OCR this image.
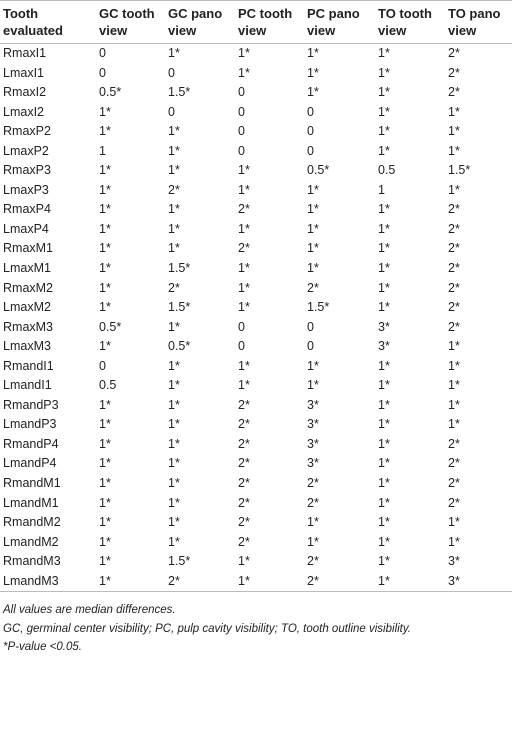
Tooth evaluated	GC tooth view	GC pano view	PC tooth view	PC pano view	TO tooth view	TO pano view
RmaxI1	0	1*	1*	1*	1*	2*
LmaxI1	0	0	1*	1*	1*	2*
RmaxI2	0.5*	1.5*	0	1*	1*	2*
LmaxI2	1*	0	0	0	1*	1*
RmaxP2	1*	1*	0	0	1*	1*
LmaxP2	1	1*	0	0	1*	1*
RmaxP3	1*	1*	1*	0.5*	0.5	1.5*
LmaxP3	1*	2*	1*	1*	1	1*
RmaxP4	1*	1*	2*	1*	1*	2*
LmaxP4	1*	1*	1*	1*	1*	2*
RmaxM1	1*	1*	2*	1*	1*	2*
LmaxM1	1*	1.5*	1*	1*	1*	2*
RmaxM2	1*	2*	1*	2*	1*	2*
LmaxM2	1*	1.5*	1*	1.5*	1*	2*
RmaxM3	0.5*	1*	0	0	3*	2*
LmaxM3	1*	0.5*	0	0	3*	1*
RmandI1	0	1*	1*	1*	1*	1*
LmandI1	0.5	1*	1*	1*	1*	1*
RmandP3	1*	1*	2*	3*	1*	1*
LmandP3	1*	1*	2*	3*	1*	1*
RmandP4	1*	1*	2*	3*	1*	2*
LmandP4	1*	1*	2*	3*	1*	2*
RmandM1	1*	1*	2*	2*	1*	2*
LmandM1	1*	1*	2*	2*	1*	2*
RmandM2	1*	1*	2*	1*	1*	1*
LmandM2	1*	1*	2*	1*	1*	1*
RmandM3	1*	1.5*	1*	2*	1*	3*
LmandM3	1*	2*	1*	2*	1*	3*
All values are median differences.
GC, germinal center visibility; PC, pulp cavity visibility; TO, tooth outline visibility.
*P-value <0.05.
